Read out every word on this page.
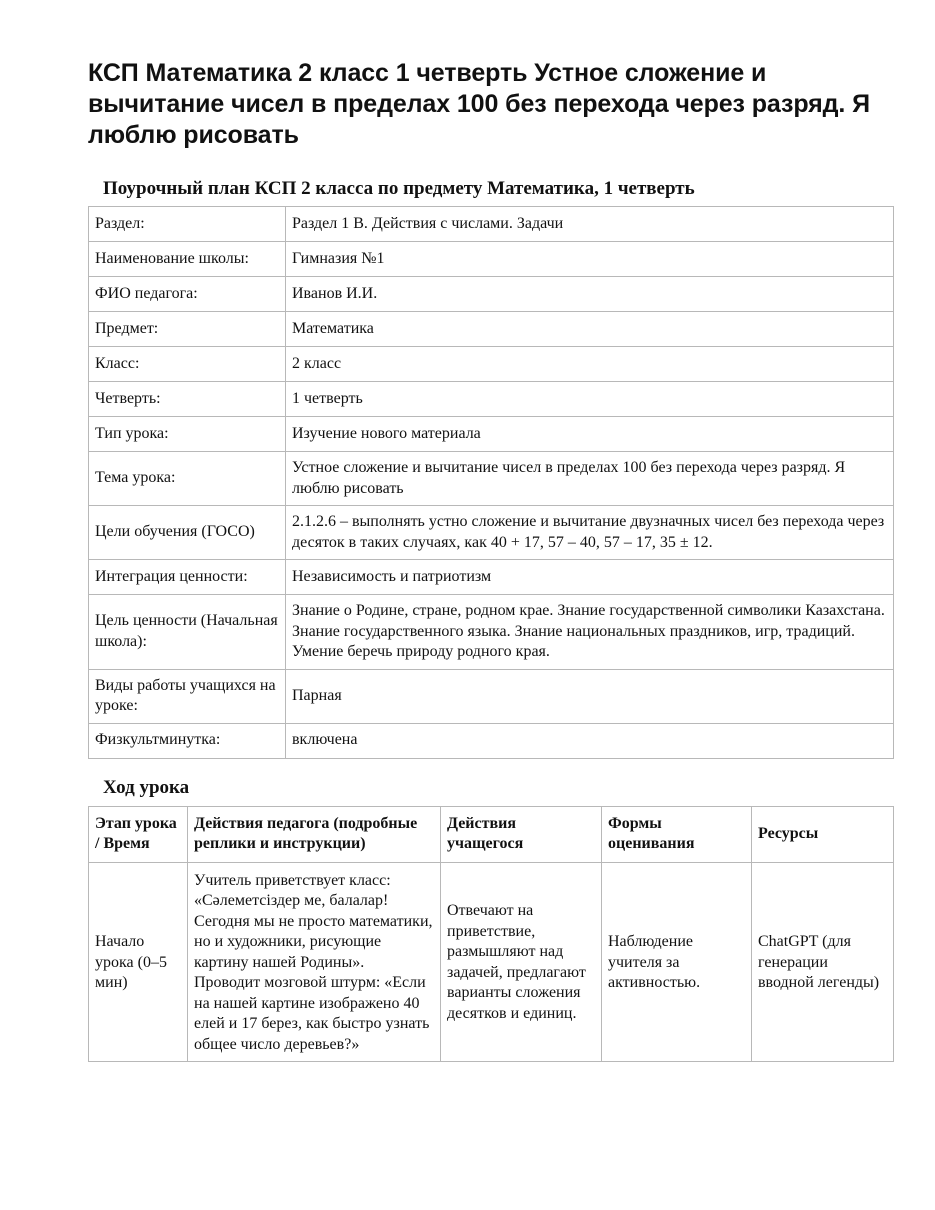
КСП Математика 2 класс 1 четверть Устное сложение и вычитание чисел в пределах 100 без перехода через разряд. Я люблю рисовать
Поурочный план КСП 2 класса по предмету Математика, 1 четверть
Раздел:	Раздел 1 В. Действия с числами. Задачи
Наименование школы:	Гимназия №1
ФИО педагога:	Иванов И.И.
Предмет:	Математика
Класс:	2 класс
Четверть:	1 четверть
Тип урока:	Изучение нового материала
Тема урока:	Устное сложение и вычитание чисел в пределах 100 без перехода через разряд. Я люблю рисовать
Цели обучения (ГОСО)	2.1.2.6 – выполнять устно сложение и вычитание двузначных чисел без перехода через десяток в таких случаях, как 40 + 17, 57 – 40, 57 – 17, 35 ± 12.
Интеграция ценности:	Независимость и патриотизм
Цель ценности (Начальная школа):	Знание о Родине, стране, родном крае. Знание государственной символики Казахстана. Знание государственного языка. Знание национальных праздников, игр, традиций. Умение беречь природу родного края.
Виды работы учащихся на уроке:	Парная
Физкультминутка:	включена
Ход урока
Этап урока / Время	Действия педагога (подробные реплики и инструкции)	Действия учащегося	Формы оценивания	Ресурсы
Начало урока (0–5 мин)	Учитель приветствует класс: «Сәлеметсіздер ме, балалар! Сегодня мы не просто математики, но и художники, рисующие картину нашей Родины». Проводит мозговой штурм: «Если на нашей картине изображено 40 елей и 17 берез, как быстро узнать общее число деревьев?»	Отвечают на приветствие, размышляют над задачей, предлагают варианты сложения десятков и единиц.	Наблюдение учителя за активностью.	ChatGPT (для генерации вводной легенды)
